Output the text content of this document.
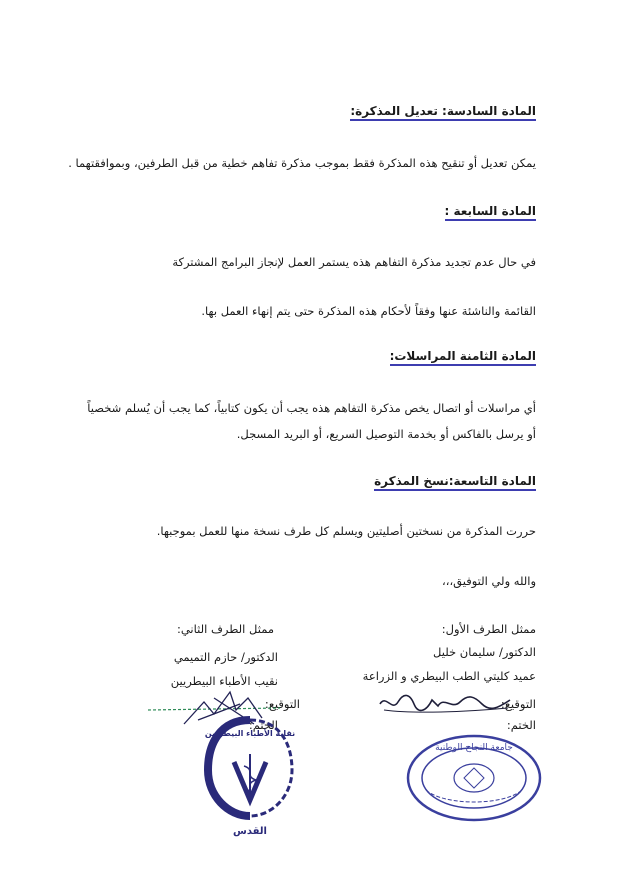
المادة السادسة: تعديل المذكرة:
يمكن تعديل أو تنقيح هذه المذكرة فقط بموجب مذكرة تفاهم خطية من قبل الطرفين، وبموافقتهما .
المادة السابعة :
في حال عدم تجديد مذكرة التفاهم هذه يستمر العمل لإنجاز البرامج المشتركة
القائمة والناشئة عنها وفقاً لأحكام هذه المذكرة حتى يتم إنهاء العمل بها.
المادة الثامنة المراسلات:
أي مراسلات أو اتصال يخص مذكرة التفاهم هذه يجب أن يكون كتابياً، كما يجب أن يُسلم شخصياً
أو يرسل بالفاكس أو بخدمة التوصيل السريع، أو البريد المسجل.
المادة التاسعة:نسخ المذكرة
حررت المذكرة من نسختين أصليتين ويسلم كل طرف نسخة منها للعمل بموجبها.
والله ولي التوفيق،،،
ممثل الطرف الأول:
الدكتور/ سليمان خليل
عميد كليتي الطب البيطري و الزراعة
التوقيع:
الختم:
ممثل الطرف الثاني:
الدكتور/ حازم التميمي
نقيب الأطباء البيطريين
التوقيع:
الختم:
جامعة النجاح الوطنية
نقابة الأطباء البيطريين
القدس
